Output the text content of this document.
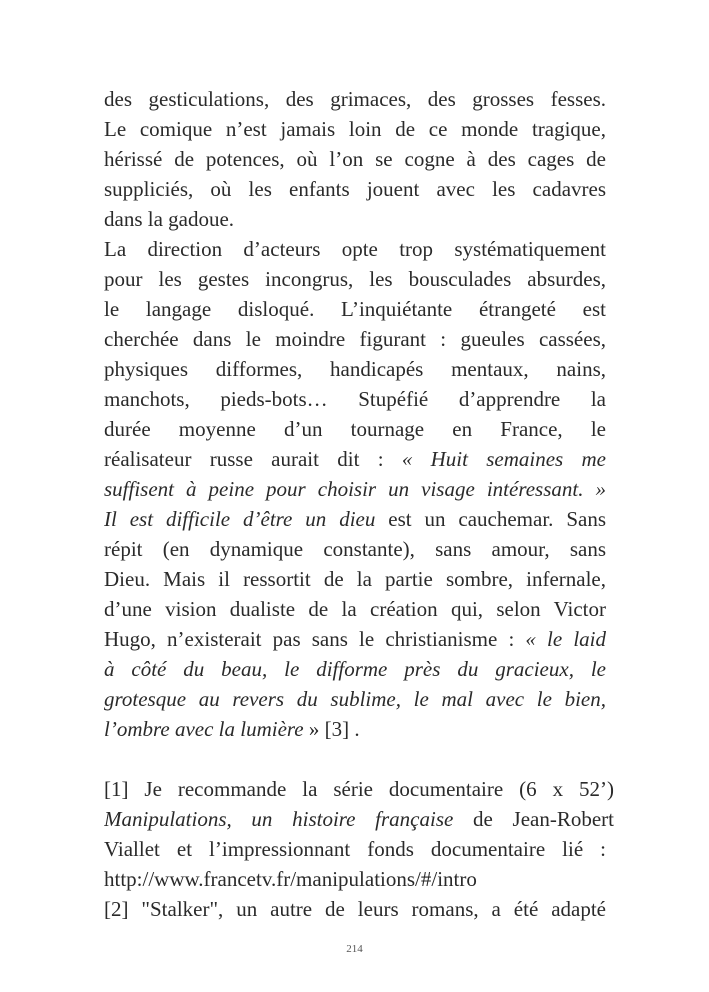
des gesticulations, des grimaces, des grosses fesses.
Le comique n’est jamais loin de ce monde tragique,
hérissé de potences, où l’on se cogne à des cages de
suppliciés, où les enfants jouent avec les cadavres
dans la gadoue.
La direction d’acteurs opte trop systématiquement
pour les gestes incongrus, les bousculades absurdes,
le langage disloqué. L’inquiétante étrangeté est
cherchée dans le moindre figurant : gueules cassées,
physiques difformes, handicapés mentaux, nains,
manchots, pieds-bots… Stupéfié d’apprendre la
durée moyenne d’un tournage en France, le
réalisateur russe aurait dit : « Huit semaines me
suffisent à peine pour choisir un visage intéressant. »
Il est difficile d’être un dieu est un cauchemar. Sans
répit (en dynamique constante), sans amour, sans
Dieu. Mais il ressortit de la partie sombre, infernale,
d’une vision dualiste de la création qui, selon Victor
Hugo, n’existerait pas sans le christianisme : « le laid
à côté du beau, le difforme près du gracieux, le
grotesque au revers du sublime, le mal avec le bien,
l’ombre avec la lumière » [3] .
[1] Je recommande la série documentaire (6 x 52’)
Manipulations, un histoire française de Jean-Robert
Viallet et l’impressionnant fonds documentaire lié :
http://www.francetv.fr/manipulations/#/intro
[2] "Stalker", un autre de leurs romans, a été adapté
214
